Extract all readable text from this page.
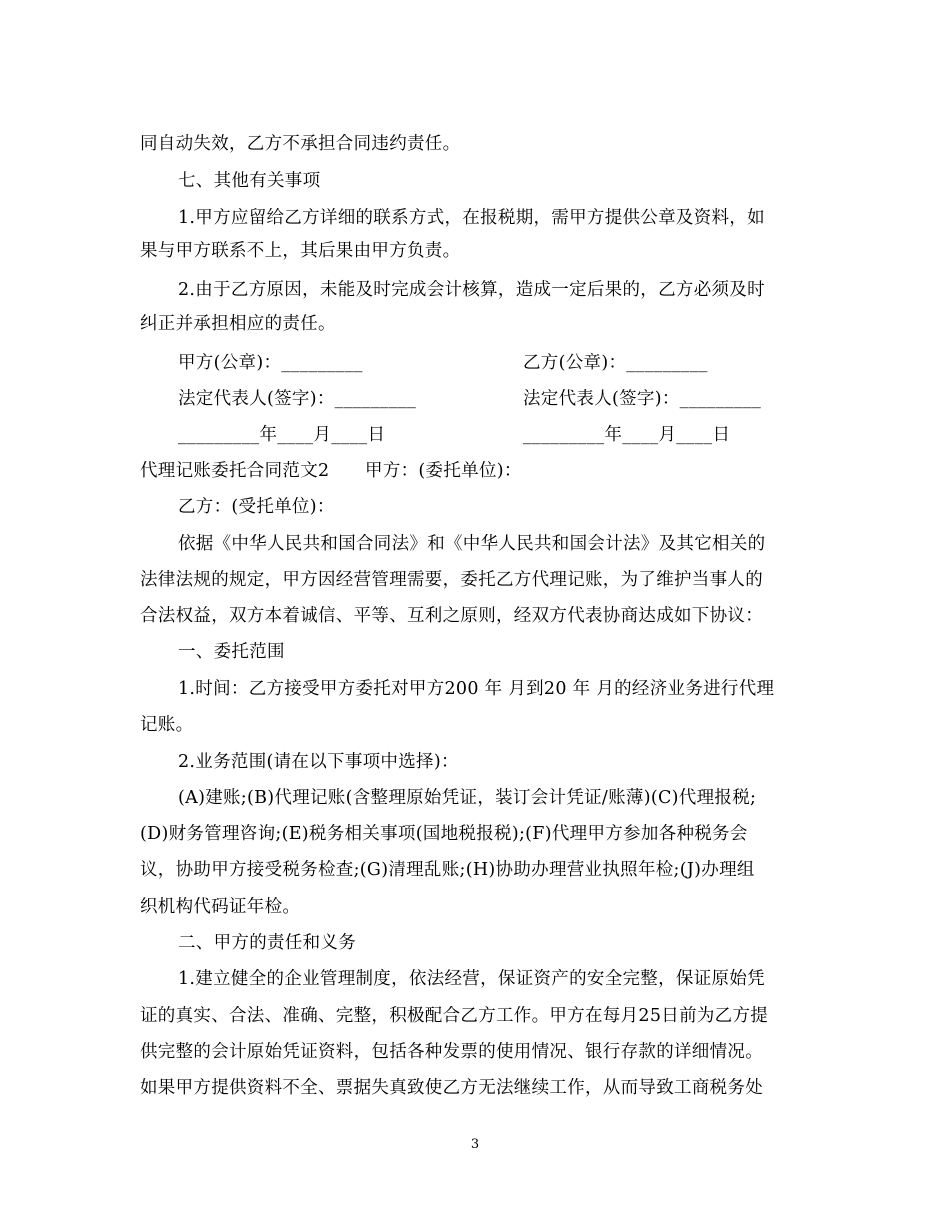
同自动失效，乙方不承担合同违约责任。
七、其他有关事项
1.甲方应留给乙方详细的联系方式，在报税期，需甲方提供公章及资料，如
果与甲方联系不上，其后果由甲方负责。
2.由于乙方原因，未能及时完成会计核算，造成一定后果的，乙方必须及时
纠正并承担相应的责任。
甲方(公章)：_________	乙方(公章)：_________
法定代表人(签字)：_________	法定代表人(签字)：_________
_________年____月____日	_________年____月____日
代理记账委托合同范文2　　甲方：(委托单位)：
乙方：(受托单位)：
依据《中华人民共和国合同法》和《中华人民共和国会计法》及其它相关的
法律法规的规定，甲方因经营管理需要，委托乙方代理记账，为了维护当事人的
合法权益，双方本着诚信、平等、互利之原则，经双方代表协商达成如下协议：
一、委托范围
1.时间：乙方接受甲方委托对甲方200 年 月到20 年 月的经济业务进行代理
记账。
2.业务范围(请在以下事项中选择)：
(A)建账;(B)代理记账(含整理原始凭证，装订会计凭证/账薄)(C)代理报税;
(D)财务管理咨询;(E)税务相关事项(国地税报税);(F)代理甲方参加各种税务会
议，协助甲方接受税务检查;(G)清理乱账;(H)协助办理营业执照年检;(J)办理组
织机构代码证年检。
二、甲方的责任和义务
1.建立健全的企业管理制度，依法经营，保证资产的安全完整，保证原始凭
证的真实、合法、准确、完整，积极配合乙方工作。甲方在每月25日前为乙方提
供完整的会计原始凭证资料，包括各种发票的使用情况、银行存款的详细情况。
如果甲方提供资料不全、票据失真致使乙方无法继续工作，从而导致工商税务处
3
